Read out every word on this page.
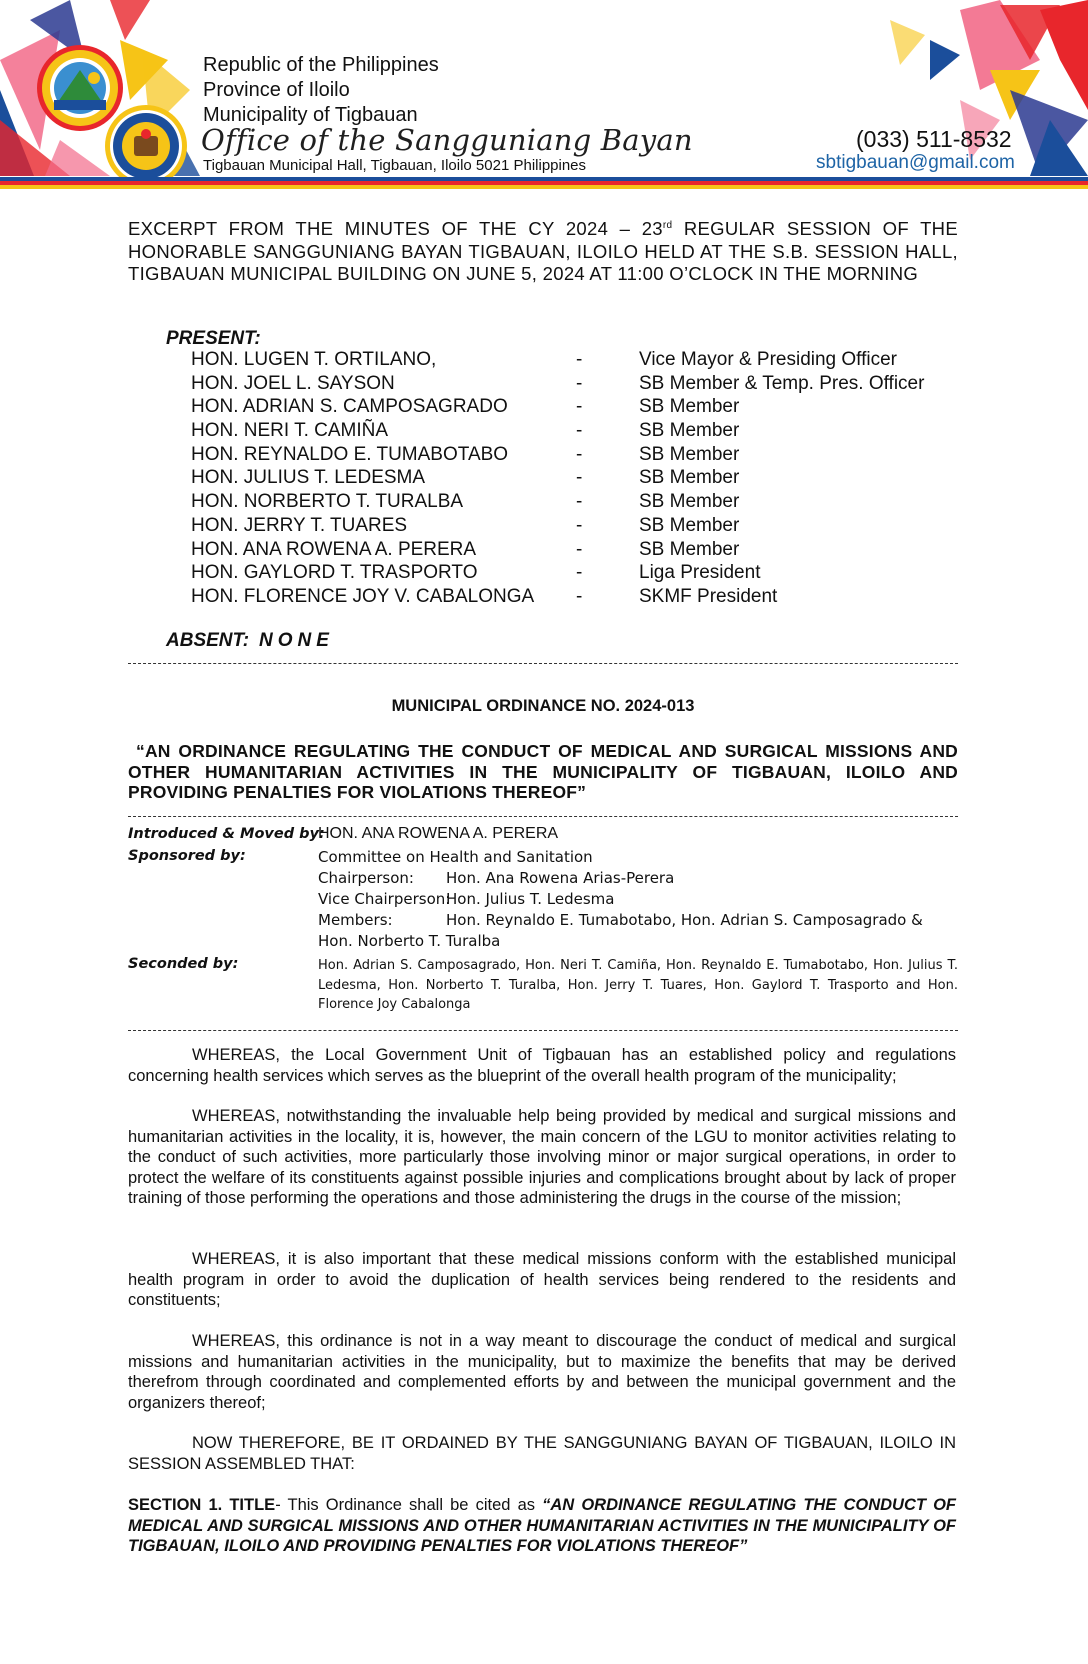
Republic of the Philippines
Province of Iloilo
Municipality of Tigbauan
Office of the Sangguniang Bayan
Tigbauan Municipal Hall, Tigbauan, Iloilo 5021 Philippines
(033) 511-8532
sbtigbauan@gmail.com
EXCERPT FROM THE MINUTES OF THE CY 2024 – 23rd REGULAR SESSION OF THE HONORABLE SANGGUNIANG BAYAN TIGBAUAN, ILOILO HELD AT THE S.B. SESSION HALL, TIGBAUAN MUNICIPAL BUILDING ON JUNE 5, 2024 AT 11:00 O’CLOCK IN THE MORNING
PRESENT:
HON. LUGEN T. ORTILANO,	-	Vice Mayor & Presiding Officer
HON. JOEL L. SAYSON	-	SB Member & Temp. Pres. Officer
HON. ADRIAN S. CAMPOSAGRADO	-	SB Member
HON. NERI T. CAMIÑA	-	SB Member
HON. REYNALDO E. TUMABOTABO	-	SB Member
HON. JULIUS T. LEDESMA	-	SB Member
HON. NORBERTO T. TURALBA	-	SB Member
HON. JERRY T. TUARES	-	SB Member
HON. ANA ROWENA A. PERERA	-	SB Member
HON. GAYLORD T. TRASPORTO	-	Liga President
HON. FLORENCE JOY V. CABALONGA -	SKMF President
ABSENT: NONE
MUNICIPAL ORDINANCE NO. 2024-013
“AN ORDINANCE REGULATING THE CONDUCT OF MEDICAL AND SURGICAL MISSIONS AND OTHER HUMANITARIAN ACTIVITIES IN THE MUNICIPALITY OF TIGBAUAN, ILOILO AND PROVIDING PENALTIES FOR VIOLATIONS THEREOF”
Introduced & Moved by:
HON. ANA ROWENA A. PERERA
Sponsored by:	Committee on Health and Sanitation
Chairperson: Hon. Ana Rowena Arias-Perera
Vice Chairperson:
Hon. Julius T. Ledesma
Members:	Hon. Reynaldo E. Tumabotabo, Hon. Adrian S. Camposagrado &
Hon. Norberto T. Turalba
Seconded by:	Hon. Adrian S. Camposagrado, Hon. Neri T. Camiña, Hon. Reynaldo E. Tumabotabo, Hon. Julius T. Ledesma, Hon. Norberto T. Turalba, Hon. Jerry T. Tuares, Hon. Gaylord T. Trasporto and Hon. Florence Joy Cabalonga
WHEREAS, the Local Government Unit of Tigbauan has an established policy and regulations concerning health services which serves as the blueprint of the overall health program of the municipality;
WHEREAS, notwithstanding the invaluable help being provided by medical and surgical missions and humanitarian activities in the locality, it is, however, the main concern of the LGU to monitor activities relating to the conduct of such activities, more particularly those involving minor or major surgical operations, in order to protect the welfare of its constituents against possible injuries and complications brought about by lack of proper training of those performing the operations and those administering the drugs in the course of the mission;
WHEREAS, it is also important that these medical missions conform with the established municipal health program in order to avoid the duplication of health services being rendered to the residents and constituents;
WHEREAS, this ordinance is not in a way meant to discourage the conduct of medical and surgical missions and humanitarian activities in the municipality, but to maximize the benefits that may be derived therefrom through coordinated and complemented efforts by and between the municipal government and the organizers thereof;
NOW THEREFORE, BE IT ORDAINED BY THE SANGGUNIANG BAYAN OF TIGBAUAN, ILOILO IN SESSION ASSEMBLED THAT:
SECTION 1. TITLE- This Ordinance shall be cited as “AN ORDINANCE REGULATING THE CONDUCT OF MEDICAL AND SURGICAL MISSIONS AND OTHER HUMANITARIAN ACTIVITIES IN THE MUNICIPALITY OF TIGBAUAN, ILOILO AND PROVIDING PENALTIES FOR VIOLATIONS THEREOF”
